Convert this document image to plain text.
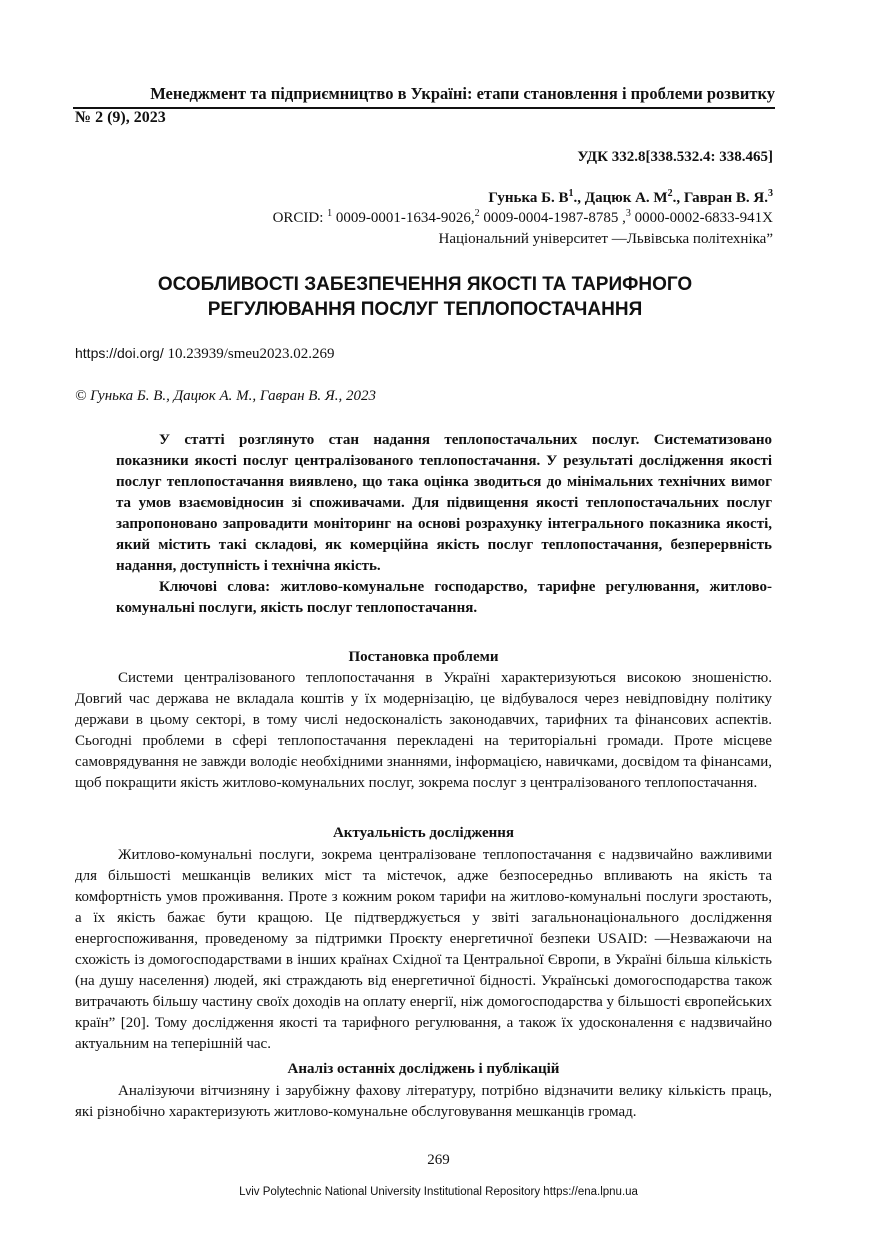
Менеджмент та підприємництво в Україні: етапи становлення і проблеми розвитку
№ 2 (9), 2023
УДК 332.8[338.532.4: 338.465]
Гунька Б. $В^1$., Дацюк А. $М^2$., Гавран В. Я.$^3$
ORCID: $^1$ 0009-0001-1634-9026,$^2$ 0009-0004-1987-8785 ,$^3$ 0000-0002-6833-941X
Національний університет ―Львівська політехніка”
ОСОБЛИВОСТІ ЗАБЕЗПЕЧЕННЯ ЯКОСТІ ТА ТАРИФНОГО РЕГУЛЮВАННЯ ПОСЛУГ ТЕПЛОПОСТАЧАННЯ
https://doi.org/ 10.23939/smeu2023.02.269
© Гунька Б. В., Дацюк А. М., Гавран В. Я., 2023

У статті розглянуто стан надання теплопостачальних послуг. Систематизовано показники якості послуг централізованого теплопостачання. У результаті дослідження якості послуг теплопостачання виявлено, що така оцінка зводиться до мінімальних технічних вимог та умов взаємовідносин зі споживачами. Для підвищення якості теплопостачальних послуг запропоновано запровадити моніторинг на основі розрахунку інтегрального показника якості, який містить такі складові, як комерційна якість послуг теплопостачання, безперервність надання, доступність і технічна якість.

Ключові слова: житлово-комунальне господарство, тарифне регулювання, житлово-комунальні послуги, якість послуг теплопостачання.

Постановка проблеми

Системи централізованого теплопостачання в Україні характеризуються високою зношеністю. Довгий час держава не вкладала коштів у їх модернізацію, це відбувалося через невідповідну політику держави в цьому секторі, в тому числі недосконалість законодавчих, тарифних та фінансових аспектів. Сьогодні проблеми в сфері теплопостачання перекладені на територіальні громади. Проте місцеве самоврядування не завжди володіє необхідними знаннями, інформацією, навичками, досвідом та фінансами, щоб покращити якість житлово-комунальних послуг, зокрема послуг з централізованого теплопостачання.

Актуальність дослідження

Житлово-комунальні послуги, зокрема централізоване теплопостачання є надзвичайно важливими для більшості мешканців великих міст та містечок, адже безпосередньо впливають на якість та комфортність умов проживання. Проте з кожним роком тарифи на житлово-комунальні послуги зростають, а їх якість бажає бути кращою. Це підтверджується у звіті загальнонаціонального дослідження енергоспоживання, проведеному за підтримки Проєкту енергетичної безпеки USAID: ―Незважаючи на схожість із домогосподарствами в інших країнах Східної та Центральної Європи, в Україні більша кількість (на душу населення) людей, які страждають від енергетичної бідності. Українські домогосподарства також витрачають більшу частину своїх доходів на оплату енергії, ніж домогосподарства у більшості європейських країн” [20]. Тому дослідження якості та тарифного регулювання, а також їх удосконалення є надзвичайно актуальним на теперішній час.

Аналіз останніх досліджень і публікацій

Аналізуючи вітчизняну і зарубіжну фахову літературу, потрібно відзначити велику кількість праць, які різнобічно характеризують житлово-комунальне обслуговування мешканців громад.

269
Lviv Polytechnic National University Institutional Repository https://ena.lpnu.ua
